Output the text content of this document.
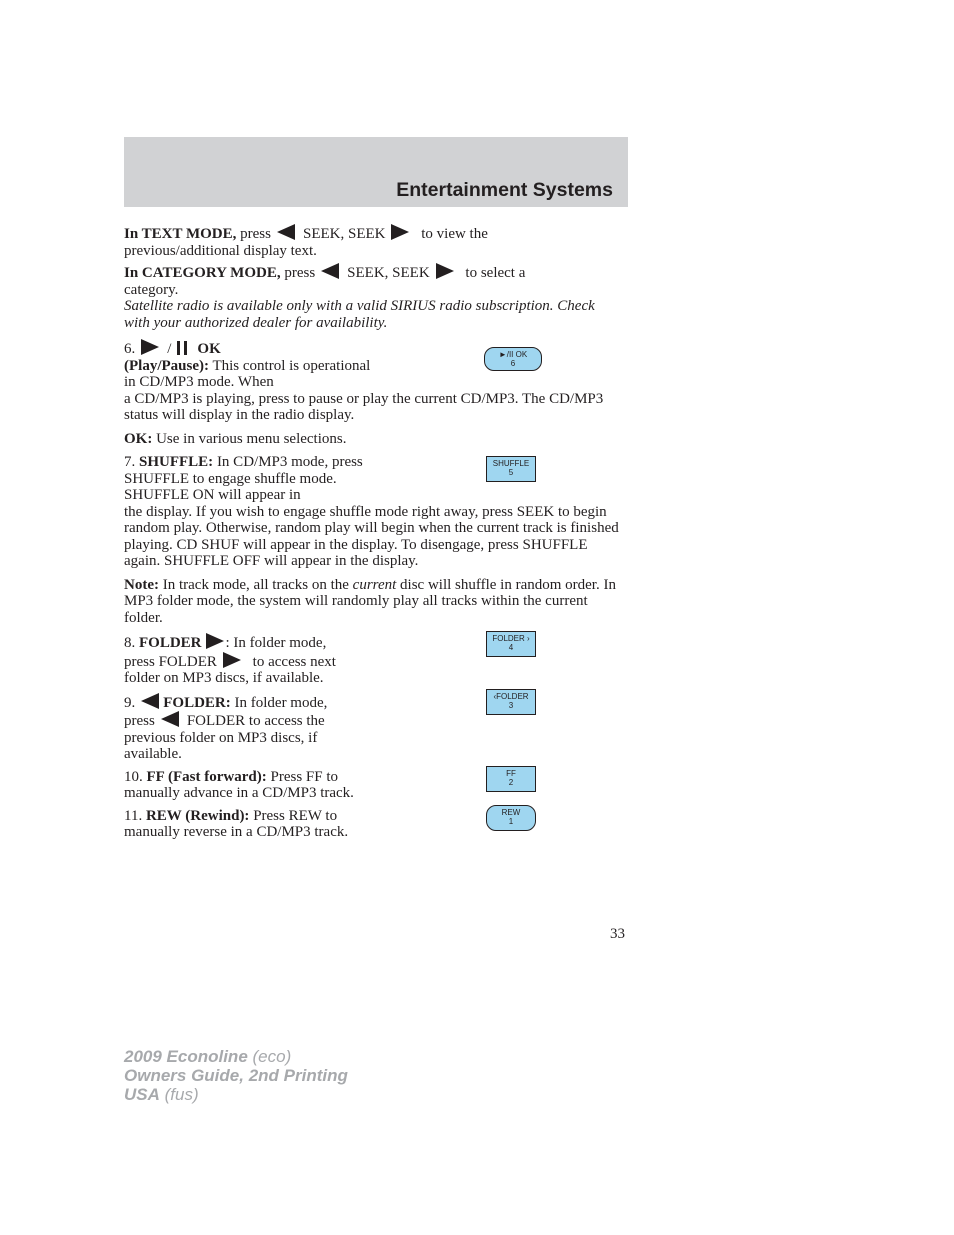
Entertainment Systems

In TEXT MODE, press SEEK, SEEK to view the
previous/additional display text.

In CATEGORY MODE, press SEEK, SEEK to select a
category.

Satellite radio is available only with a valid SIRIUS radio subscription. Check with your authorized dealer for availability.

6. / OK
(Play/Pause): This control is operational in CD/MP3 mode. When

a CD/MP3 is playing, press to pause or play the current CD/MP3. The CD/MP3 status will display in the radio display.

►/II OK
6

OK: Use in various menu selections.

7. SHUFFLE: In CD/MP3 mode, press SHUFFLE to engage shuffle mode. SHUFFLE ON will appear in

the display. If you wish to engage shuffle mode right away, press SEEK to begin random play. Otherwise, random play will begin when the current track is finished playing. CD SHUF will appear in the display. To disengage, press SHUFFLE again. SHUFFLE OFF will appear in the display.

SHUFFLE
5

Note: In track mode, all tracks on the current disc will shuffle in random order. In MP3 folder mode, the system will randomly play all tracks within the current folder.

8. FOLDER : In folder mode,
press FOLDER to access next folder on MP3 discs, if available.

FOLDER ›
4

9. FOLDER: In folder mode,
press FOLDER to access the previous folder on MP3 discs, if available.

‹FOLDER
3

10. FF (Fast forward): Press FF to manually advance in a CD/MP3 track.

FF
2

11. REW (Rewind): Press REW to manually reverse in a CD/MP3 track.

REW
1
33
2009 Econoline (eco)
Owners Guide, 2nd Printing
USA (fus)
